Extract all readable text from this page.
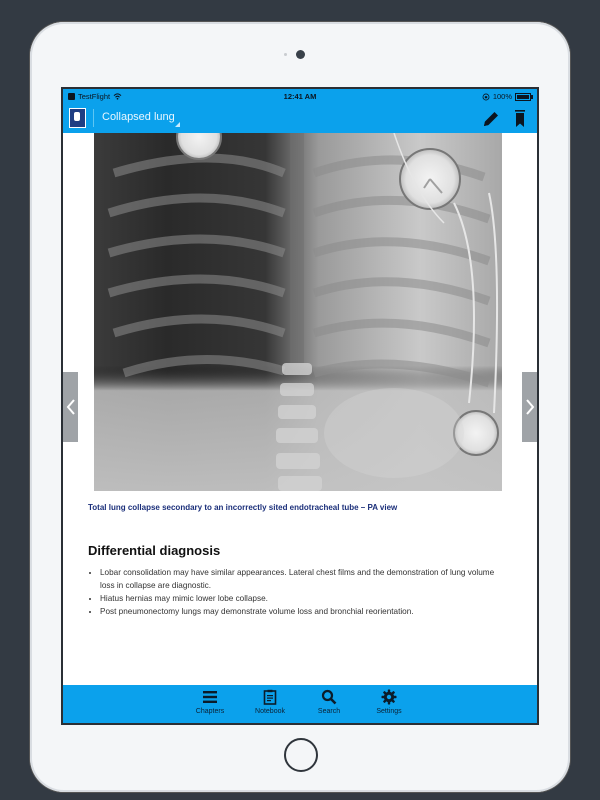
TestFlight	12:41 AM	100%
Collapsed lung
Total lung collapse secondary to an incorrectly sited endotracheal tube – PA view
Differential diagnosis
• Lobar consolidation may have similar appearances. Lateral chest films and the demonstration of lung volume loss in collapse are diagnostic.
• Hiatus hernias may mimic lower lobe collapse.
• Post pneumonectomy lungs may demonstrate volume loss and bronchial reorientation.
Chapters	Notebook	Search	Settings
